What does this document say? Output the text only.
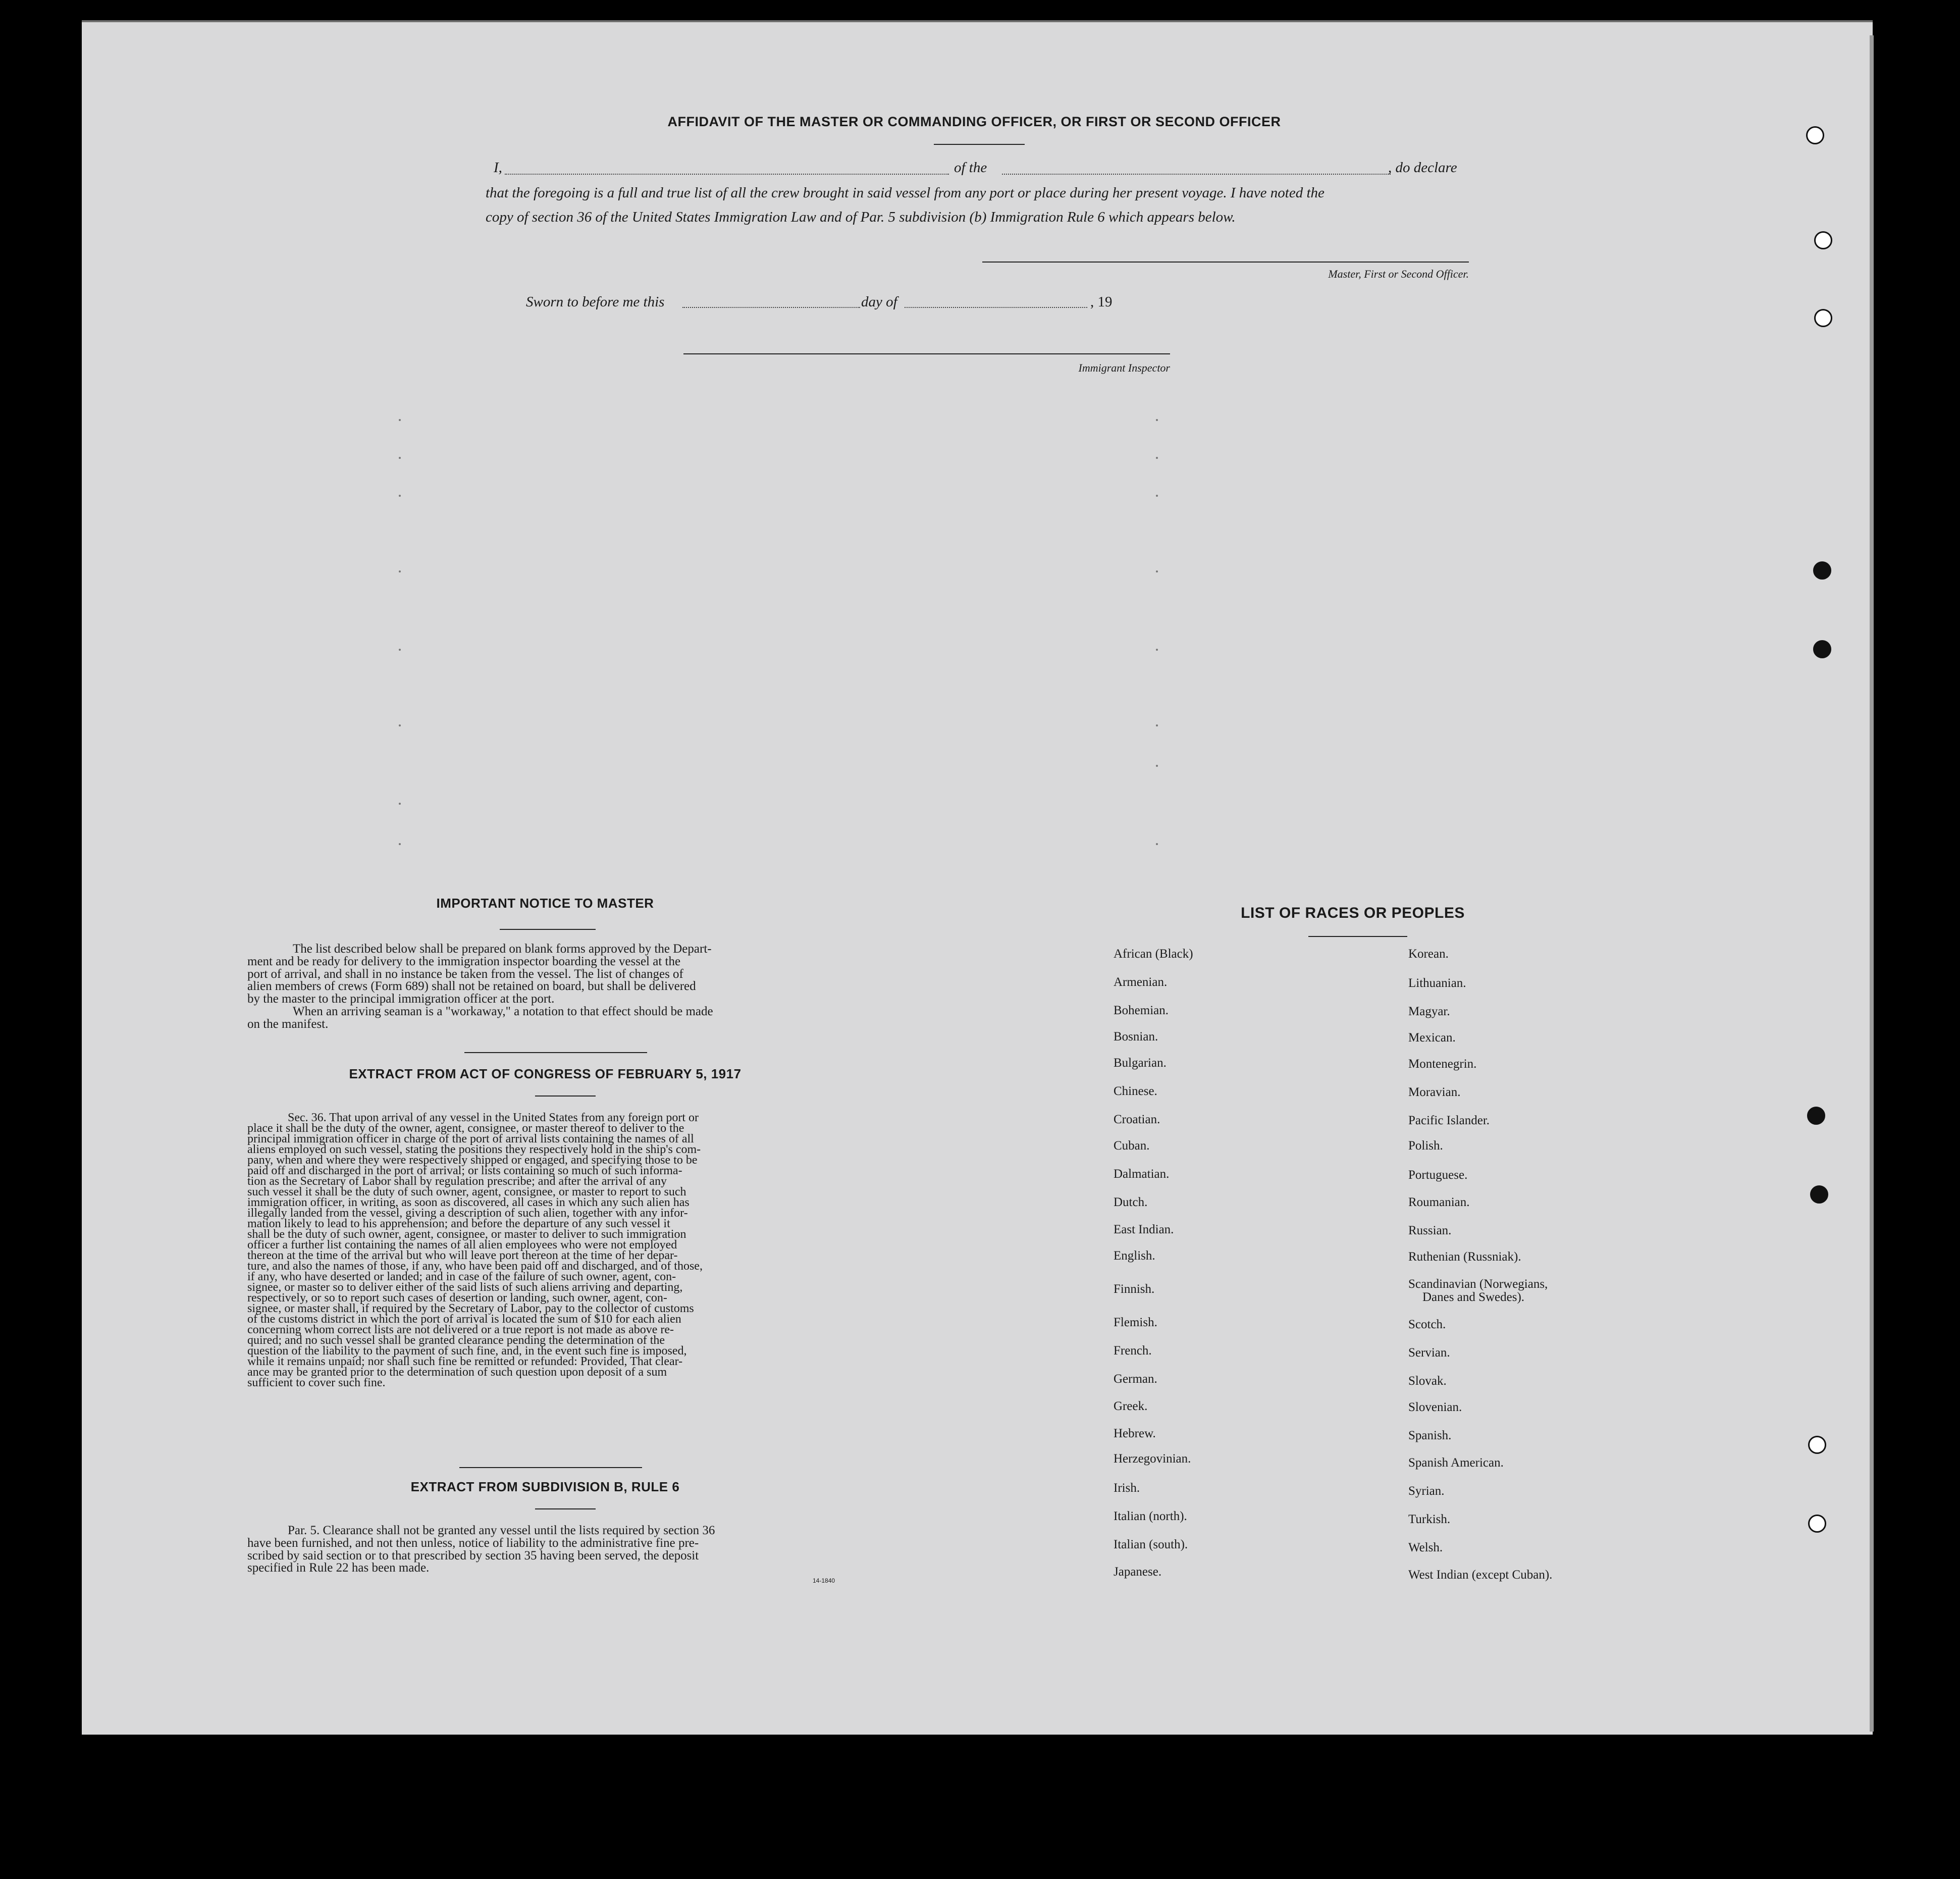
AFFIDAVIT OF THE MASTER OR COMMANDING OFFICER, OR FIRST OR SECOND OFFICER
I,	of the	, do declare
that the foregoing is a full and true list of all the crew brought in said vessel from any port or place during her present voyage. I have noted the
copy of section 36 of the United States Immigration Law and of Par. 5 subdivision (b) Immigration Rule 6 which appears below.
Master, First or Second Officer.
Sworn to before me this	day of	, 19
Immigrant Inspector
IMPORTANT NOTICE TO MASTER
The list described below shall be prepared on blank forms approved by the Depart-
ment and be ready for delivery to the immigration inspector boarding the vessel at the
port of arrival, and shall in no instance be taken from the vessel. The list of changes of
alien members of crews (Form 689) shall not be retained on board, but shall be delivered
by the master to the principal immigration officer at the port.
When an arriving seaman is a "workaway," a notation to that effect should be made
on the manifest.
EXTRACT FROM ACT OF CONGRESS OF FEBRUARY 5, 1917
Sec. 36. That upon arrival of any vessel in the United States from any foreign port or
place it shall be the duty of the owner, agent, consignee, or master thereof to deliver to the
principal immigration officer in charge of the port of arrival lists containing the names of all
aliens employed on such vessel, stating the positions they respectively hold in the ship's com-
pany, when and where they were respectively shipped or engaged, and specifying those to be
paid off and discharged in the port of arrival; or lists containing so much of such informa-
tion as the Secretary of Labor shall by regulation prescribe; and after the arrival of any
such vessel it shall be the duty of such owner, agent, consignee, or master to report to such
immigration officer, in writing, as soon as discovered, all cases in which any such alien has
illegally landed from the vessel, giving a description of such alien, together with any infor-
mation likely to lead to his apprehension; and before the departure of any such vessel it
shall be the duty of such owner, agent, consignee, or master to deliver to such immigration
officer a further list containing the names of all alien employees who were not employed
thereon at the time of the arrival but who will leave port thereon at the time of her depar-
ture, and also the names of those, if any, who have been paid off and discharged, and of those,
if any, who have deserted or landed; and in case of the failure of such owner, agent, con-
signee, or master so to deliver either of the said lists of such aliens arriving and departing,
respectively, or so to report such cases of desertion or landing, such owner, agent, con-
signee, or master shall, if required by the Secretary of Labor, pay to the collector of customs
of the customs district in which the port of arrival is located the sum of $10 for each alien
concerning whom correct lists are not delivered or a true report is not made as above re-
quired; and no such vessel shall be granted clearance pending the determination of the
question of the liability to the payment of such fine, and, in the event such fine is imposed,
while it remains unpaid; nor shall such fine be remitted or refunded: Provided, That clear-
ance may be granted prior to the determination of such question upon deposit of a sum
sufficient to cover such fine.
EXTRACT FROM SUBDIVISION B, RULE 6
Par. 5. Clearance shall not be granted any vessel until the lists required by section 36
have been furnished, and not then unless, notice of liability to the administrative fine pre-
scribed by said section or to that prescribed by section 35 having been served, the deposit
specified in Rule 22 has been made.
14-1840
LIST OF RACES OR PEOPLES
African (Black)
Armenian.
Bohemian.
Bosnian.
Bulgarian.
Chinese.
Croatian.
Cuban.
Dalmatian.
Dutch.
East Indian.
English.
Finnish.
Flemish.
French.
German.
Greek.
Hebrew.
Herzegovinian.
Irish.
Italian (north).
Italian (south).
Japanese.
Korean.
Lithuanian.
Magyar.
Mexican.
Montenegrin.
Moravian.
Pacific Islander.
Polish.
Portuguese.
Roumanian.
Russian.
Ruthenian (Russniak).
Scandinavian (Norwegians,
Danes and Swedes).
Scotch.
Servian.
Slovak.
Slovenian.
Spanish.
Spanish American.
Syrian.
Turkish.
Welsh.
West Indian (except Cuban).
